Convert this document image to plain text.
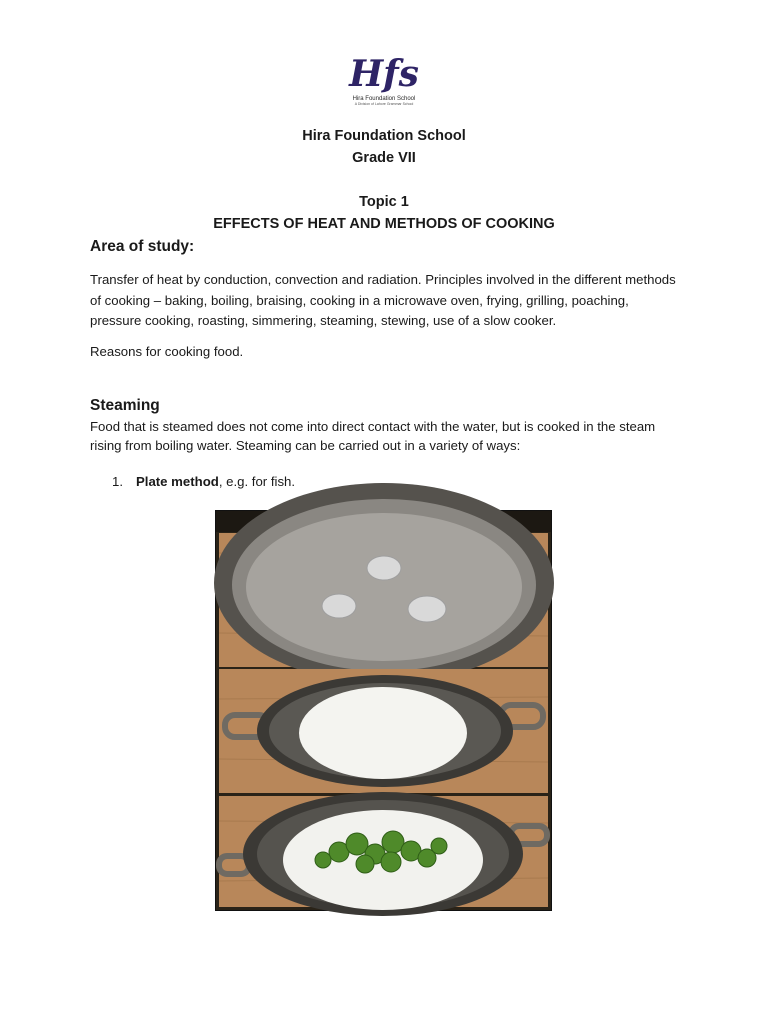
Hfs
Hira Foundation School
A Division of Lahore Grammar School
Hira Foundation School
Grade VII
Topic 1
EFFECTS OF HEAT AND METHODS OF COOKING
Area of study:
Transfer of heat by conduction, convection and radiation. Principles involved in the different methods of cooking – baking, boiling, braising, cooking in a microwave oven, frying, grilling, poaching, pressure cooking, roasting, simmering, steaming, stewing, use of a slow cooker.
Reasons for cooking food.
Steaming
Food that is steamed does not come into direct contact with the water, but is cooked in the steam rising from boiling water. Steaming can be carried out in a variety of ways:
1. Plate method, e.g. for fish.
